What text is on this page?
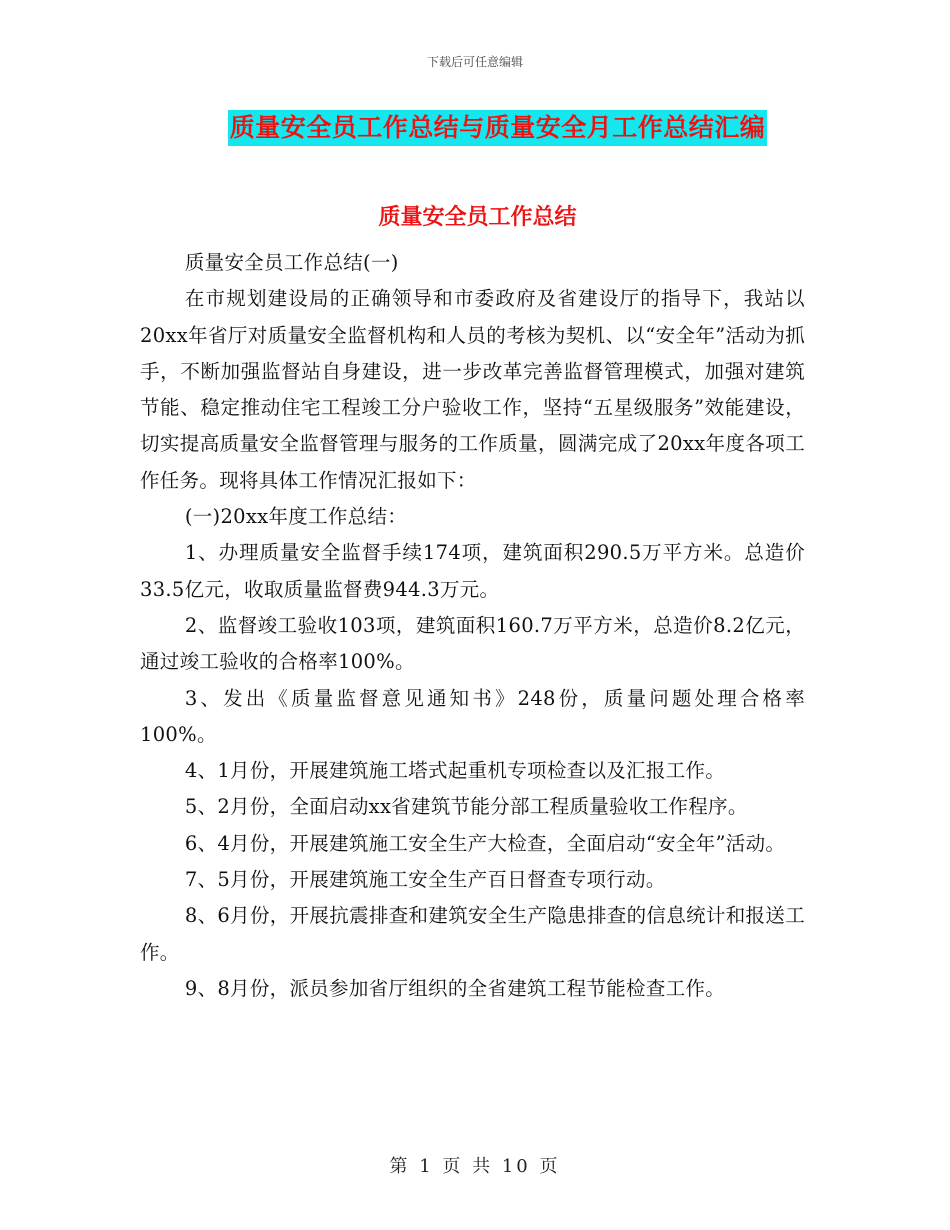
下载后可任意编辑
质量安全员工作总结与质量安全月工作总结汇编
质量安全员工作总结

质量安全员工作总结(一)

在市规划建设局的正确领导和市委政府及省建设厅的指导下，我站以20xx年省厅对质量安全监督机构和人员的考核为契机、以“安全年”活动为抓手，不断加强监督站自身建设，进一步改革完善监督管理模式，加强对建筑节能、稳定推动住宅工程竣工分户验收工作，坚持“五星级服务”效能建设，切实提高质量安全监督管理与服务的工作质量，圆满完成了20xx年度各项工作任务。现将具体工作情况汇报如下：

(一)20xx年度工作总结：

1、办理质量安全监督手续174项，建筑面积290.5万平方米。总造价33.5亿元，收取质量监督费944.3万元。

2、监督竣工验收103项，建筑面积160.7万平方米，总造价8.2亿元，通过竣工验收的合格率100%。

3、发出《质量监督意见通知书》248份，质量问题处理合格率100%。

4、1月份，开展建筑施工塔式起重机专项检查以及汇报工作。

5、2月份，全面启动xx省建筑节能分部工程质量验收工作程序。

6、4月份，开展建筑施工安全生产大检查，全面启动“安全年”活动。

7、5月份，开展建筑施工安全生产百日督查专项行动。

8、6月份，开展抗震排查和建筑安全生产隐患排查的信息统计和报送工作。

9、8月份，派员参加省厅组织的全省建筑工程节能检查工作。

第 1 页 共 10 页
